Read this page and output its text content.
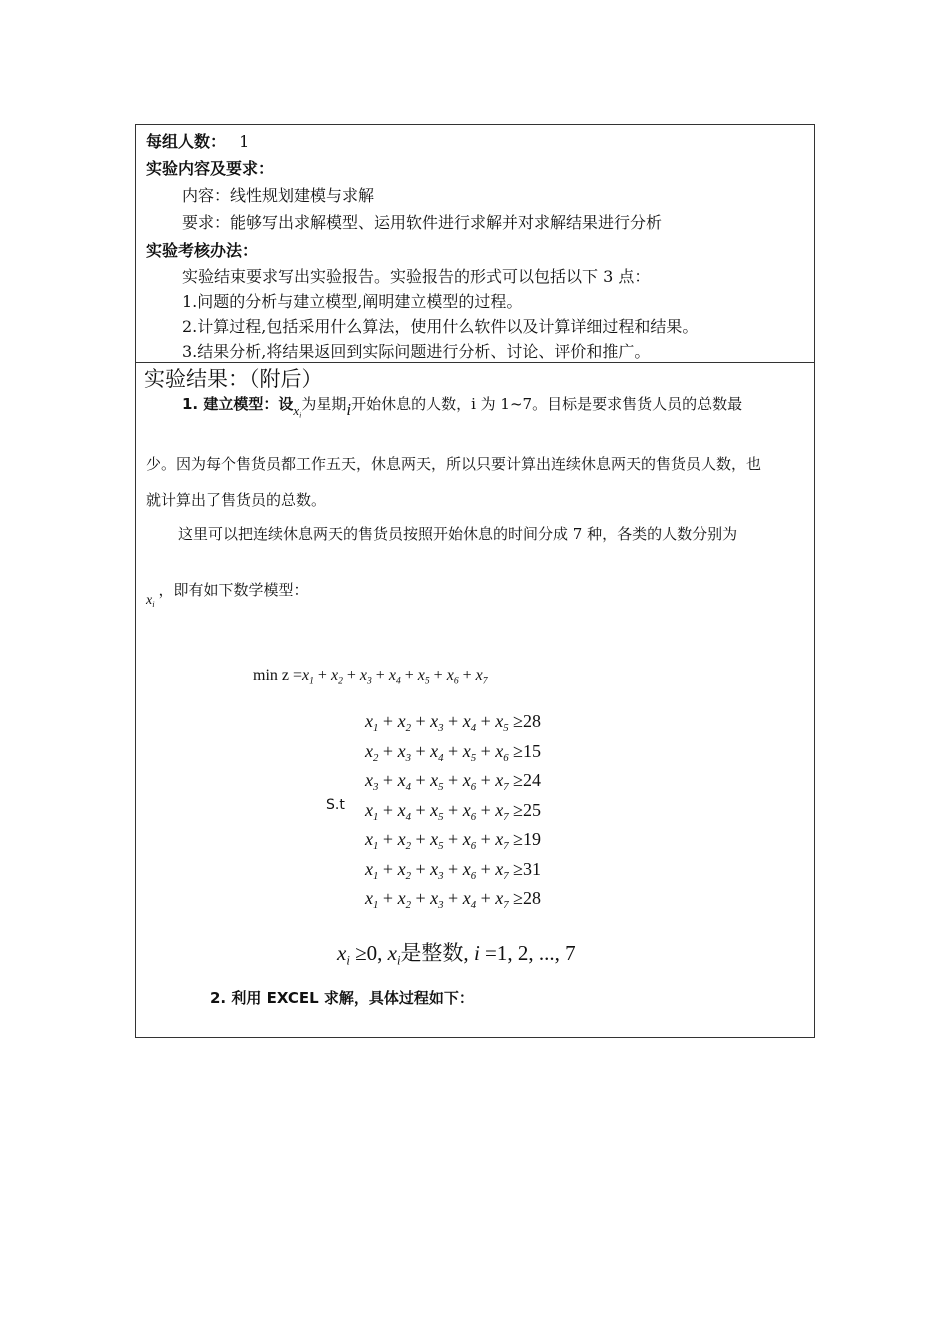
每组人数： 1
实验内容及要求：
内容：线性规划建模与求解
要求：能够写出求解模型、运用软件进行求解并对求解结果进行分析
实验考核办法：
实验结束要求写出实验报告。实验报告的形式可以包括以下 3 点：
1.问题的分析与建立模型,阐明建立模型的过程。
2.计算过程,包括采用什么算法，使用什么软件以及计算详细过程和结果。
3.结果分析,将结果返回到实际问题进行分析、讨论、评价和推广。
实验结果：（附后）
1. 建立模型：设$x_i$为星期i开始休息的人数，i 为 1~7。目标是要求售货人员的总数最
少。因为每个售货员都工作五天，休息两天，所以只要计算出连续休息两天的售货员人数，也
就计算出了售货员的总数。
这里可以把连续休息两天的售货员按照开始休息的时间分成 7 种，各类的人数分别为
$x_i$，即有如下数学模型：
$\min z =x_1 + x_2 + x_3 + x_4 + x_5 + x_6 + x_7$
S.t
$x_1 + x_2 + x_3 + x_4 + x_5 \ge 28$
$x_2 + x_3 + x_4 + x_5 + x_6 \ge 15$
$x_3 + x_4 + x_5 + x_6 + x_7 \ge 24$
$x_1 + x_4 + x_5 + x_6 + x_7 \ge 25$
$x_1 + x_2 + x_5 + x_6 + x_7 \ge 19$
$x_1 + x_2 + x_3 + x_6 + x_7 \ge 31$
$x_1 + x_2 + x_3 + x_4 + x_7 \ge 28$
$x_i \ge 0$, $x_i$是整数, i =1, 2, ..., 7
2. 利用 EXCEL 求解，具体过程如下：
